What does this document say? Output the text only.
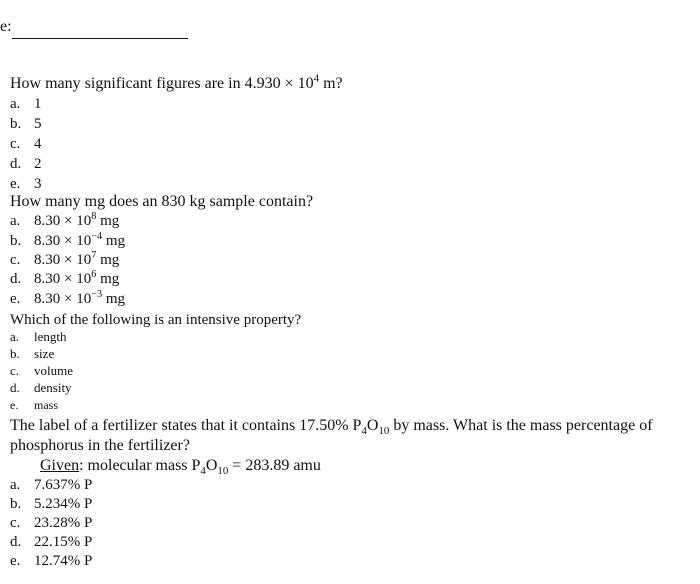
e:
How many significant figures are in $4.930 \times 10^4$ m?
a. 1
b. 5
c. 4
d. 2
e. 3
How many mg does an 830 kg sample contain?
a. $8.30 \times 10^8$ mg
b. $8.30 \times 10^{-4}$ mg
c. $8.30 \times 10^7$ mg
d. $8.30 \times 10^6$ mg
e. $8.30 \times 10^{-3}$ mg
Which of the following is an intensive property?
a. length
b. size
c. volume
d. density
e. mass
The label of a fertilizer states that it contains 17.50% $P_4O_{10}$ by mass. What is the mass percentage of phosphorus in the fertilizer?
Given: molecular mass $P_4O_{10} = 283.89$ amu
a. 7.637% P
b. 5.234% P
c. 23.28% P
d. 22.15% P
e. 12.74% P
